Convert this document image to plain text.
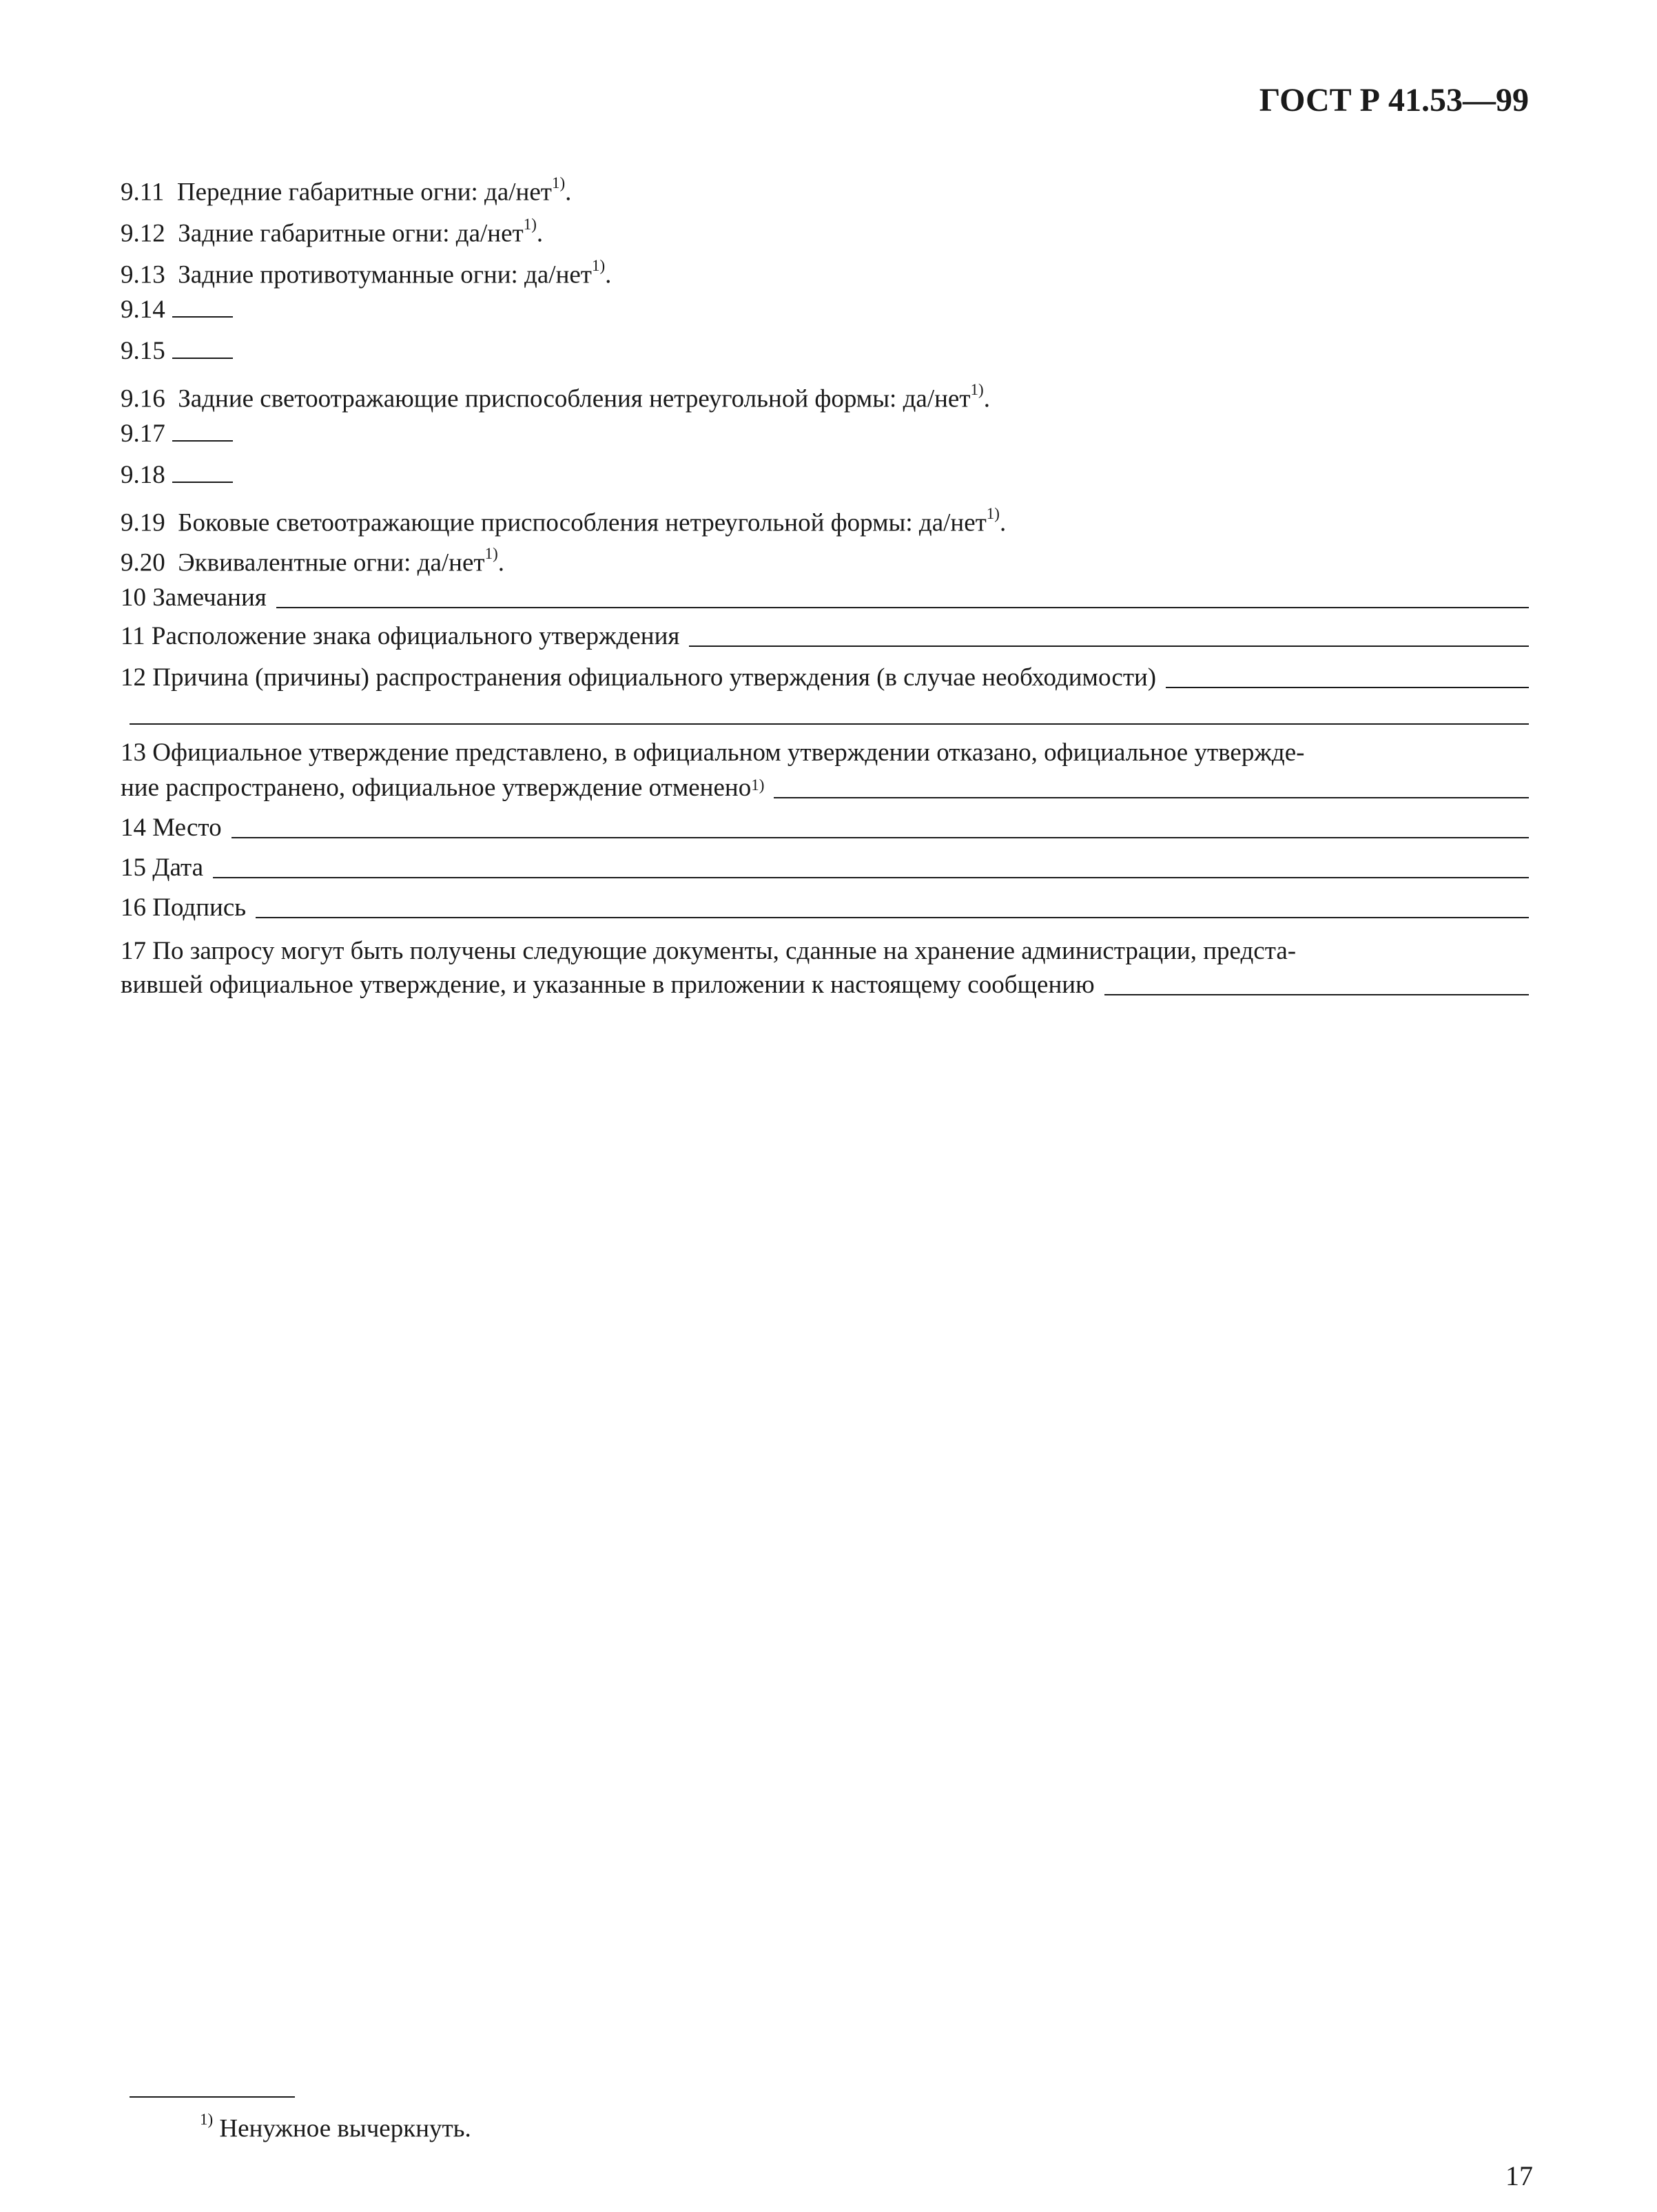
ГОСТ Р 41.53—99
9.11 Передние габаритные огни: да/нет$^{1)}$.
9.12 Задние габаритные огни: да/нет$^{1)}$.
9.13 Задние противотуманные огни: да/нет$^{1)}$.
9.14
9.15
9.16 Задние светоотражающие приспособления нетреугольной формы: да/нет$^{1)}$.
9.17
9.18
9.19 Боковые светоотражающие приспособления нетреугольной формы: да/нет$^{1)}$.
9.20 Эквивалентные огни: да/нет$^{1)}$.
10 Замечания
11 Расположение знака официального утверждения
12 Причина (причины) распространения официального утверждения (в случае необходимости)
13 Официальное утверждение представлено, в официальном утверждении отказано, официальное утвержде-
ние распространено, официальное утверждение отменено$^{1)}$
14 Место
15 Дата
16 Подпись
17 По запросу могут быть получены следующие документы, сданные на хранение администрации, предста-
вившей официальное утверждение, и указанные в приложении к настоящему сообщению
$^{1)}$ Ненужное вычеркнуть.
17
